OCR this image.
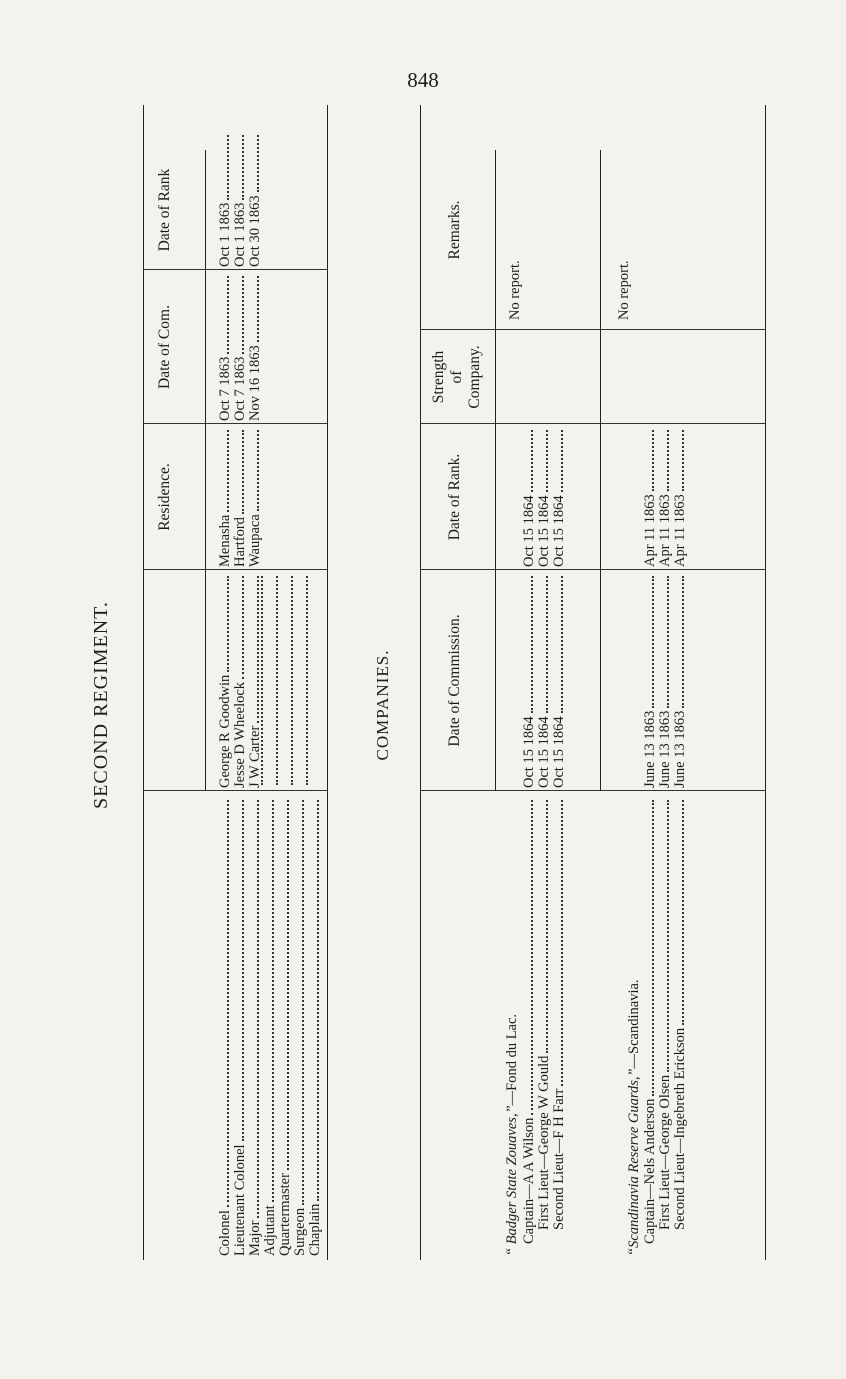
848
SECOND REGIMENT.
Residence.
Date of Com.
Date of Rank
Colonel
George R Goodwin
Menasha
Oct 7 1863
Oct 1 1863
Lieutenant Colonel
Jesse D Wheelock
Hartford
Oct 7 1863
Oct 1 1863
Major
J W Carter
Waupaca
Nov 16 1863
Oct 30 1863
Adjutant Quartermaster Surgeon Chaplain
COMPANIES.	Date of Commission.
Date of Rank.
Strength of Company.
Remarks.
“ Badger State Zouaves,”
—Fond du Lac.
No report.
Captain—A A Wilson
Oct 15 1864
Oct 15 1864
First Lieut—George W Gould
Oct 15 1864
Oct 15 1864
Second Lieut—F H Farr
Oct 15 1864
Oct 15 1864
“Scandinavia Reserve Guards,”
—Scandinavia.
No report.
Captain—Nels Anderson
June 13 1863
Apr 11 1863
First Lieut—George Olsen
June 13 1863
Apr 11 1863
Second Lieut—Ingebreth Erickson
June 13 1863
Apr 11 1863
